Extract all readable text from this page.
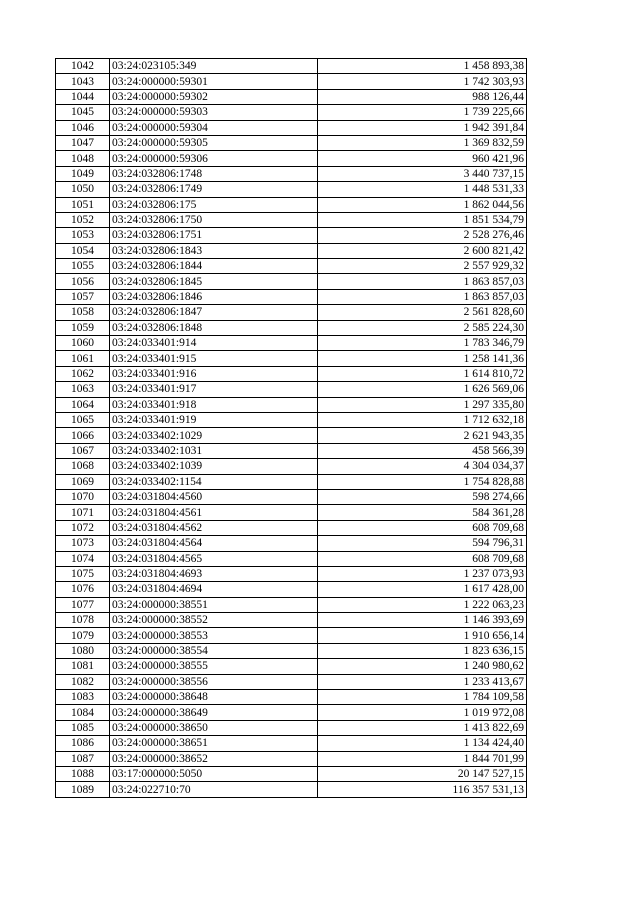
1042	03:24:023105:349	1 458 893,38
1043	03:24:000000:59301	1 742 303,93
1044	03:24:000000:59302	988 126,44
1045	03:24:000000:59303	1 739 225,66
1046	03:24:000000:59304	1 942 391,84
1047	03:24:000000:59305	1 369 832,59
1048	03:24:000000:59306	960 421,96
1049	03:24:032806:1748	3 440 737,15
1050	03:24:032806:1749	1 448 531,33
1051	03:24:032806:175	1 862 044,56
1052	03:24:032806:1750	1 851 534,79
1053	03:24:032806:1751	2 528 276,46
1054	03:24:032806:1843	2 600 821,42
1055	03:24:032806:1844	2 557 929,32
1056	03:24:032806:1845	1 863 857,03
1057	03:24:032806:1846	1 863 857,03
1058	03:24:032806:1847	2 561 828,60
1059	03:24:032806:1848	2 585 224,30
1060	03:24:033401:914	1 783 346,79
1061	03:24:033401:915	1 258 141,36
1062	03:24:033401:916	1 614 810,72
1063	03:24:033401:917	1 626 569,06
1064	03:24:033401:918	1 297 335,80
1065	03:24:033401:919	1 712 632,18
1066	03:24:033402:1029	2 621 943,35
1067	03:24:033402:1031	458 566,39
1068	03:24:033402:1039	4 304 034,37
1069	03:24:033402:1154	1 754 828,88
1070	03:24:031804:4560	598 274,66
1071	03:24:031804:4561	584 361,28
1072	03:24:031804:4562	608 709,68
1073	03:24:031804:4564	594 796,31
1074	03:24:031804:4565	608 709,68
1075	03:24:031804:4693	1 237 073,93
1076	03:24:031804:4694	1 617 428,00
1077	03:24:000000:38551	1 222 063,23
1078	03:24:000000:38552	1 146 393,69
1079	03:24:000000:38553	1 910 656,14
1080	03:24:000000:38554	1 823 636,15
1081	03:24:000000:38555	1 240 980,62
1082	03:24:000000:38556	1 233 413,67
1083	03:24:000000:38648	1 784 109,58
1084	03:24:000000:38649	1 019 972,08
1085	03:24:000000:38650	1 413 822,69
1086	03:24:000000:38651	1 134 424,40
1087	03:24:000000:38652	1 844 701,99
1088	03:17:000000:5050	20 147 527,15
1089	03:24:022710:70	116 357 531,13
